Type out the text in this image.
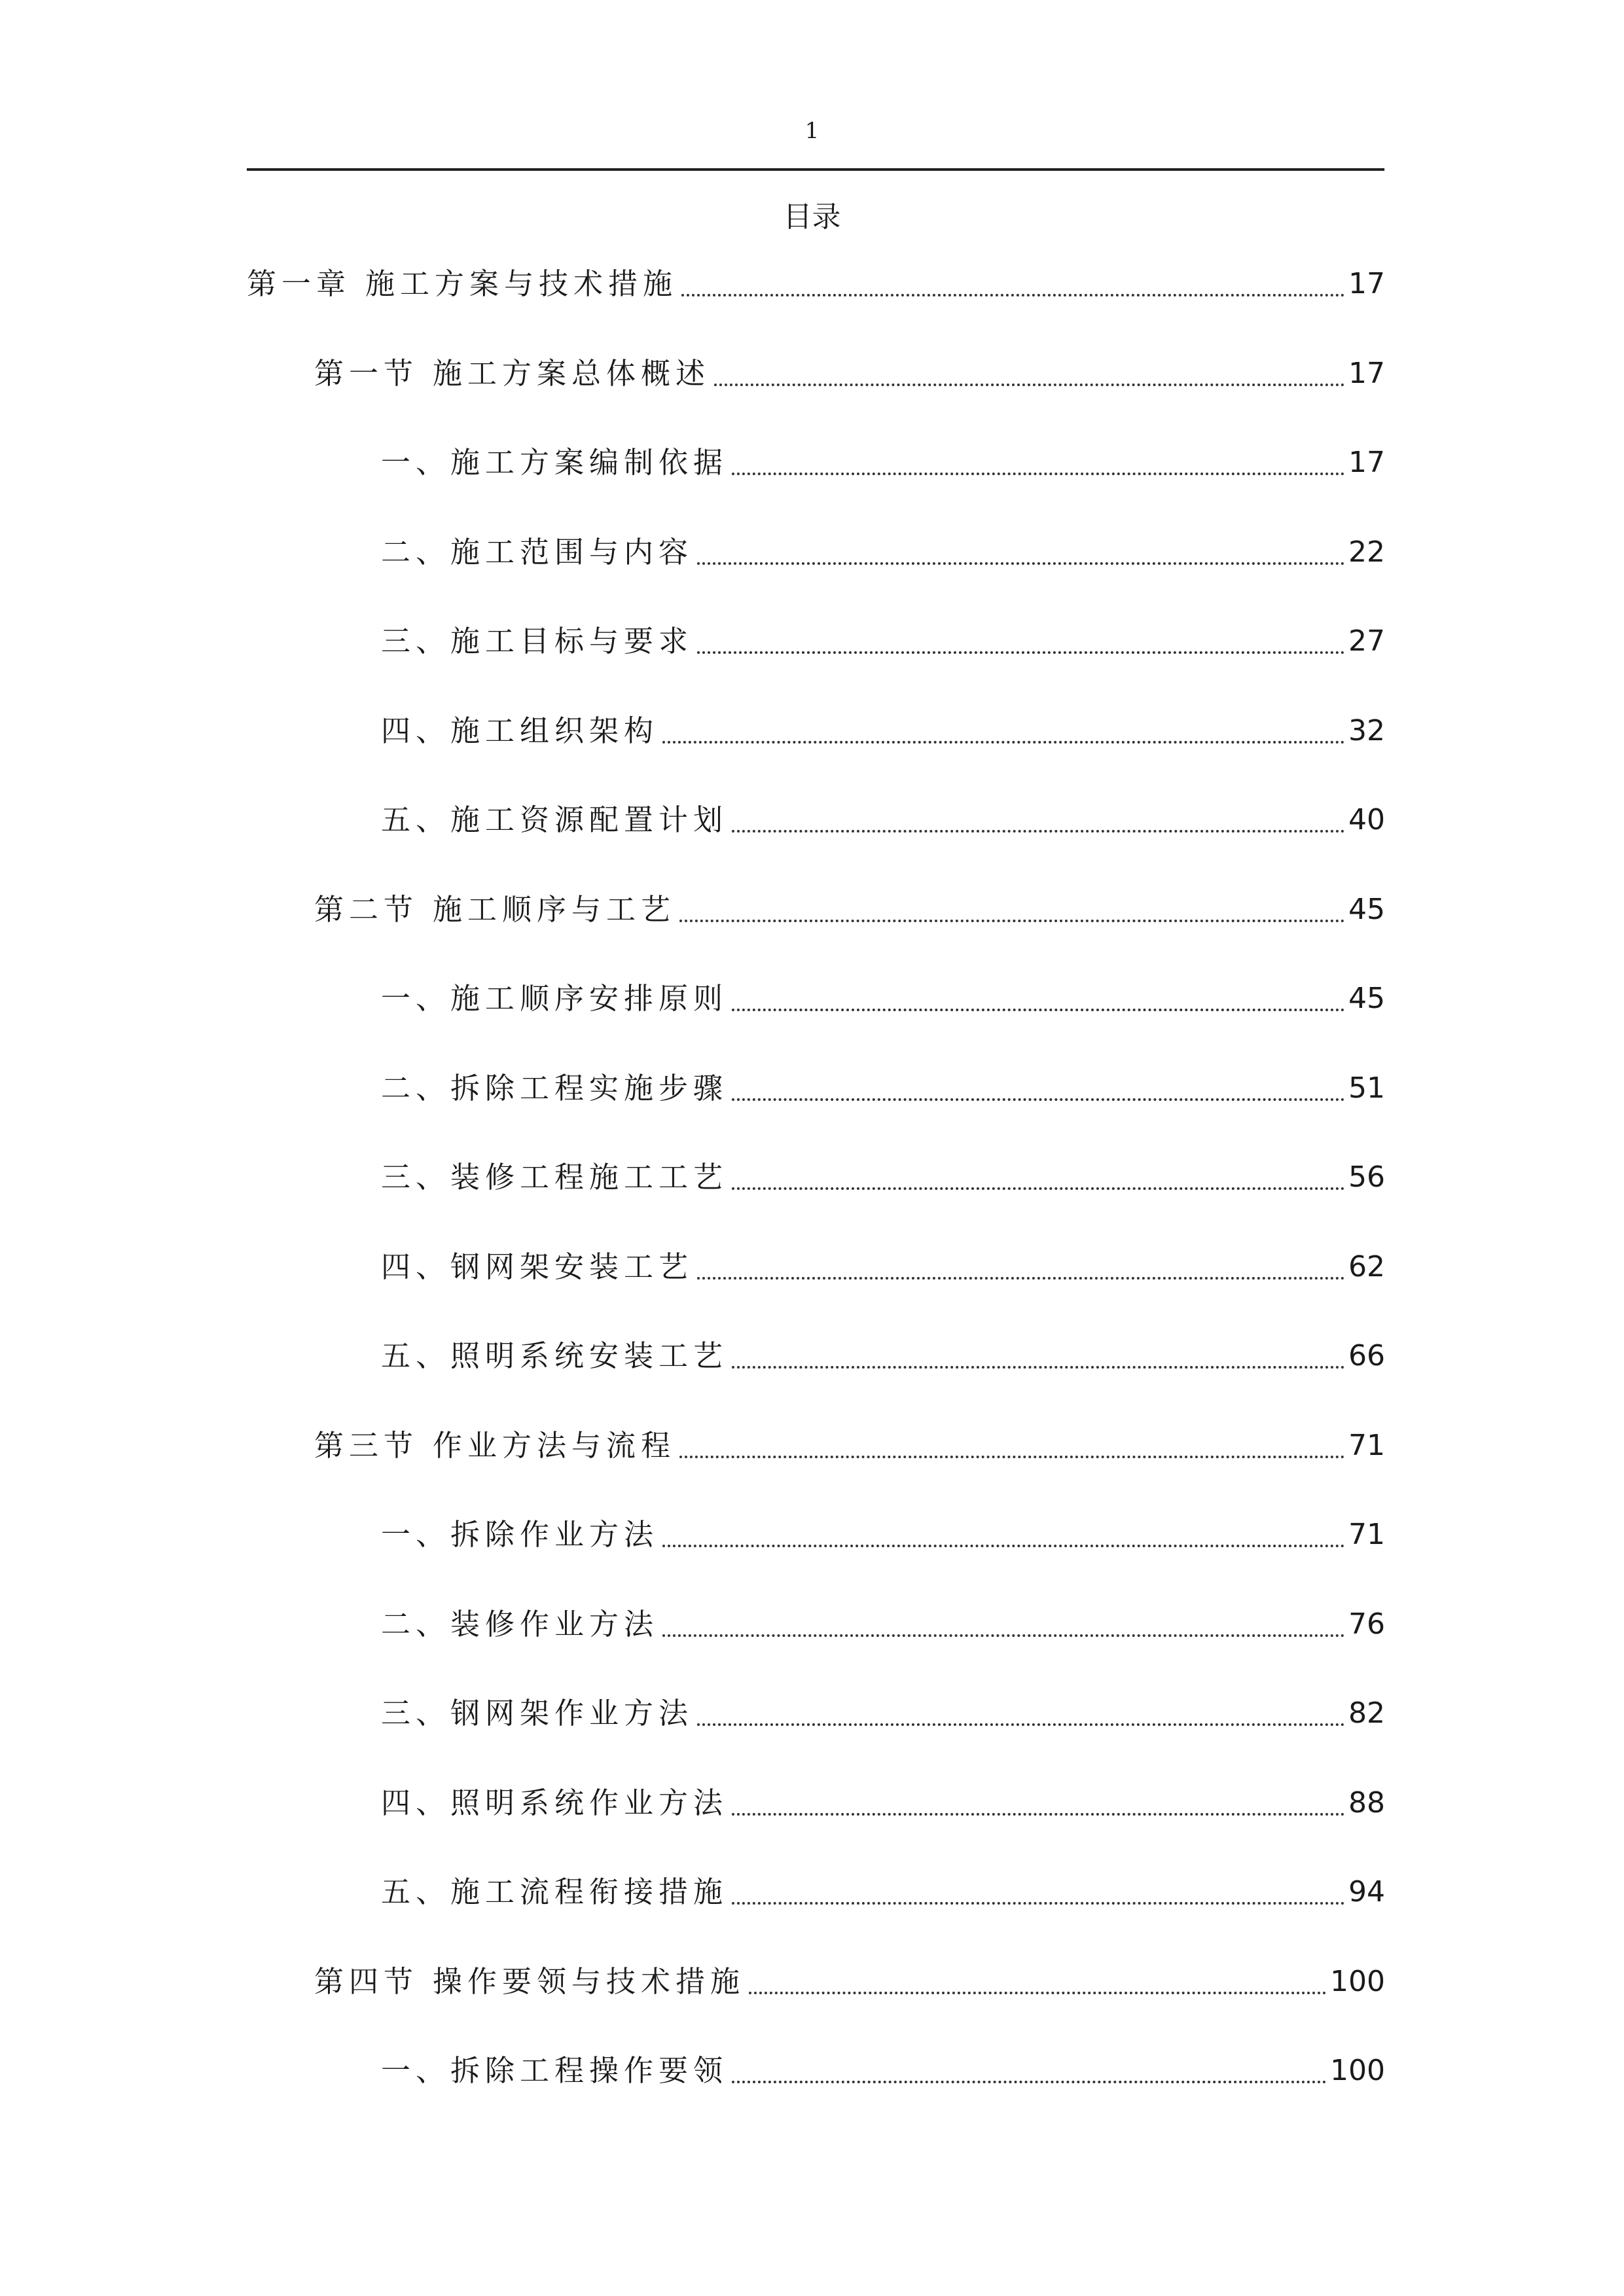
1
目录
第一章 施工方案与技术措施	17
第一节 施工方案总体概述	17
一、施工方案编制依据	17
二、施工范围与内容	22
三、施工目标与要求	27
四、施工组织架构	32
五、施工资源配置计划	40
第二节 施工顺序与工艺	45
一、施工顺序安排原则	45
二、拆除工程实施步骤	51
三、装修工程施工工艺	56
四、钢网架安装工艺	62
五、照明系统安装工艺	66
第三节 作业方法与流程	71
一、拆除作业方法	71
二、装修作业方法	76
三、钢网架作业方法	82
四、照明系统作业方法	88
五、施工流程衔接措施	94
第四节 操作要领与技术措施	100
一、拆除工程操作要领	100
